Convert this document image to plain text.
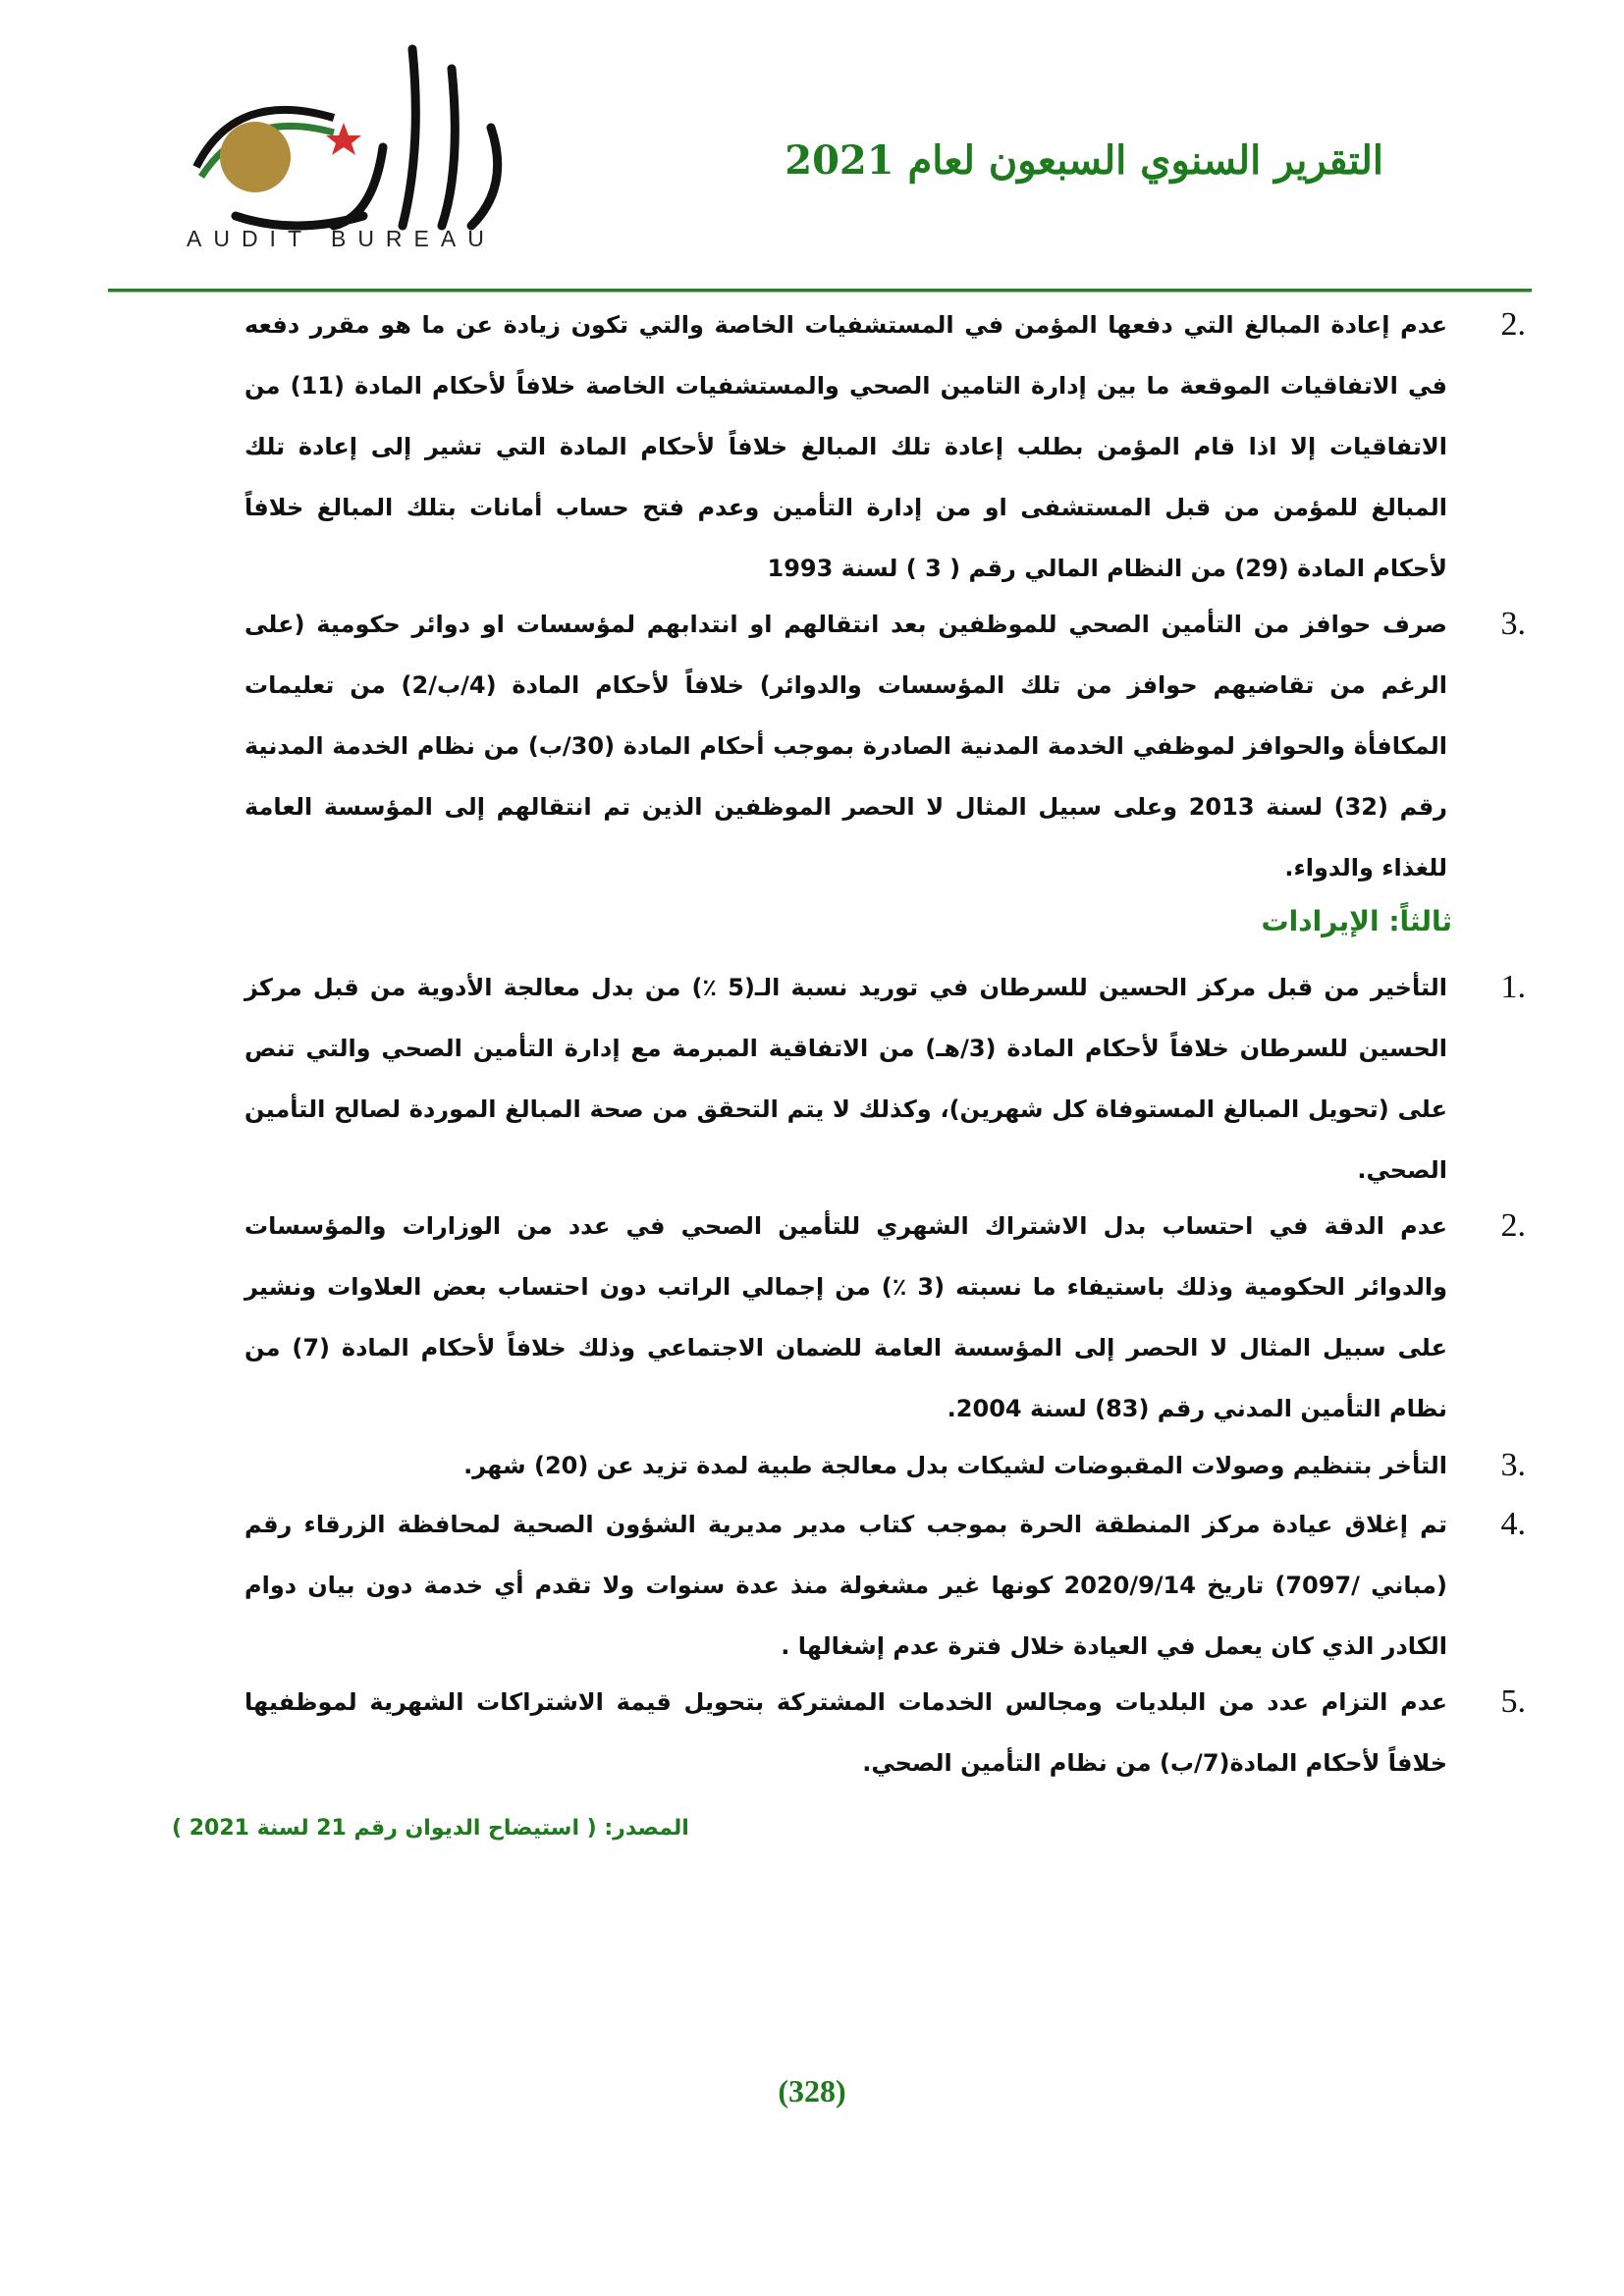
AUDIT BUREAU
التقرير السنوي السبعون لعام 2021
.2
عدم إعادة المبالغ التي دفعها المؤمن في المستشفيات الخاصة والتي تكون زيادة عن ما هو مقرر دفعه في الاتفاقيات الموقعة ما بين إدارة التامين الصحي والمستشفيات الخاصة خلافاً لأحكام المادة (11) من الاتفاقيات إلا اذا قام المؤمن بطلب إعادة تلك المبالغ خلافاً لأحكام المادة التي تشير إلى إعادة تلك المبالغ للمؤمن من قبل المستشفى او من إدارة التأمين وعدم فتح حساب أمانات بتلك المبالغ خلافاً لأحكام المادة (29) من النظام المالي رقم ( 3 ) لسنة 1993
.3
صرف حوافز من التأمين الصحي للموظفين بعد انتقالهم او انتدابهم لمؤسسات او دوائر حكومية (على الرغم من تقاضيهم حوافز من تلك المؤسسات والدوائر) خلافاً لأحكام المادة (4/ب/2) من تعليمات المكافأة والحوافز لموظفي الخدمة المدنية الصادرة بموجب أحكام المادة (30/ب) من نظام الخدمة المدنية رقم (32) لسنة 2013 وعلى سبيل المثال لا الحصر الموظفين الذين تم انتقالهم إلى المؤسسة العامة للغذاء والدواء.
ثالثاً: الإيرادات
.1
التأخير من قبل مركز الحسين للسرطان في توريد نسبة الـ(5 ٪) من بدل معالجة الأدوية من قبل مركز الحسين للسرطان خلافاً لأحكام المادة (3/هـ) من الاتفاقية المبرمة مع إدارة التأمين الصحي والتي تنص على (تحويل المبالغ المستوفاة كل شهرين)، وكذلك لا يتم التحقق من صحة المبالغ الموردة لصالح التأمين الصحي.
.2
عدم الدقة في احتساب بدل الاشتراك الشهري للتأمين الصحي في عدد من الوزارات والمؤسسات والدوائر الحكومية وذلك باستيفاء ما نسبته (3 ٪) من إجمالي الراتب دون احتساب بعض العلاوات ونشير على سبيل المثال لا الحصر إلى المؤسسة العامة للضمان الاجتماعي وذلك خلافاً لأحكام المادة (7) من نظام التأمين المدني رقم (83) لسنة 2004.
.3
التأخر بتنظيم وصولات المقبوضات لشيكات بدل معالجة طبية لمدة تزيد عن (20) شهر.
.4
تم إغلاق عيادة مركز المنطقة الحرة بموجب كتاب مدير مديرية الشؤون الصحية لمحافظة الزرقاء رقم (مباني /7097) تاريخ 2020/9/14 كونها غير مشغولة منذ عدة سنوات ولا تقدم أي خدمة دون بيان دوام الكادر الذي كان يعمل في العيادة خلال فترة عدم إشغالها .
.5
عدم التزام عدد من البلديات ومجالس الخدمات المشتركة بتحويل قيمة الاشتراكات الشهرية لموظفيها خلافاً لأحكام المادة(7/ب) من نظام التأمين الصحي.
المصدر: ( استيضاح الديوان رقم 21 لسنة 2021 )
(328)
